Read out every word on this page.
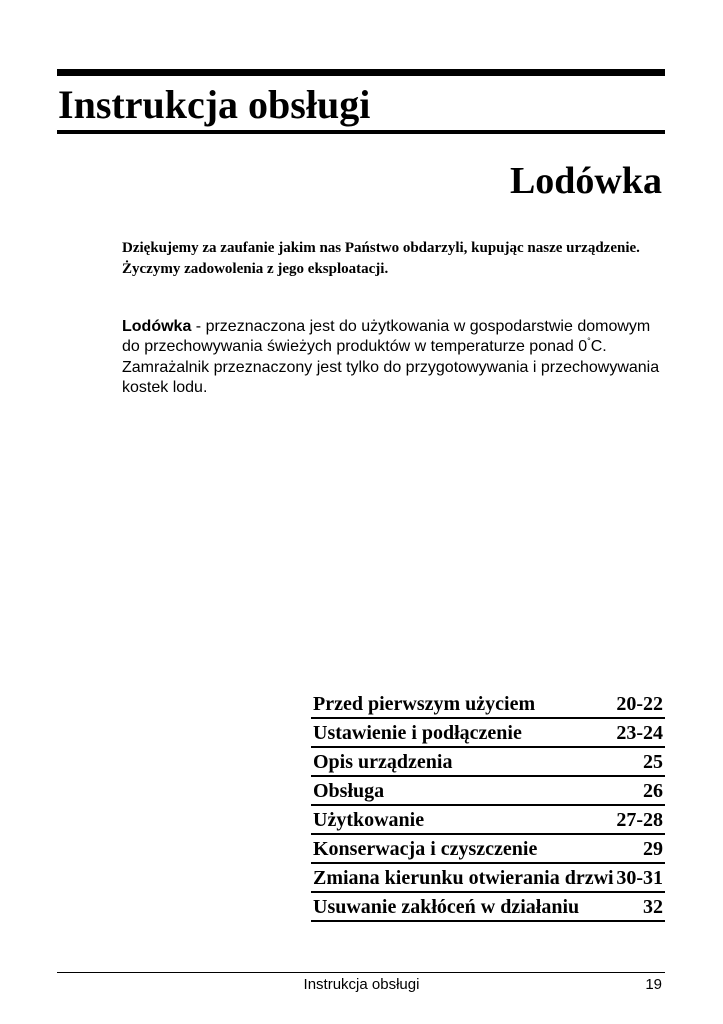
Instrukcja obsługi
Lodówka

Dziękujemy za zaufanie jakim nas Państwo obdarzyli, kupując nasze urządzenie.

Życzymy zadowolenia z jego eksploatacji.

Lodówka - przeznaczona jest do użytkowania w gospodarstwie domowym do przechowywania świeżych produktów w temperaturze ponad 0°C.

Zamrażalnik przeznaczony jest tylko do przygotowywania i przechowywania kostek lodu.

Przed pierwszym użyciem	20-22
Ustawienie i podłączenie	23-24
Opis urządzenia	25
Obsługa	26
Użytkowanie	27-28
Konserwacja i czyszczenie	29
Zmiana kierunku otwierania drzwi 30-31
Usuwanie zakłóceń w działaniu	32
Instrukcja obsługi	19
